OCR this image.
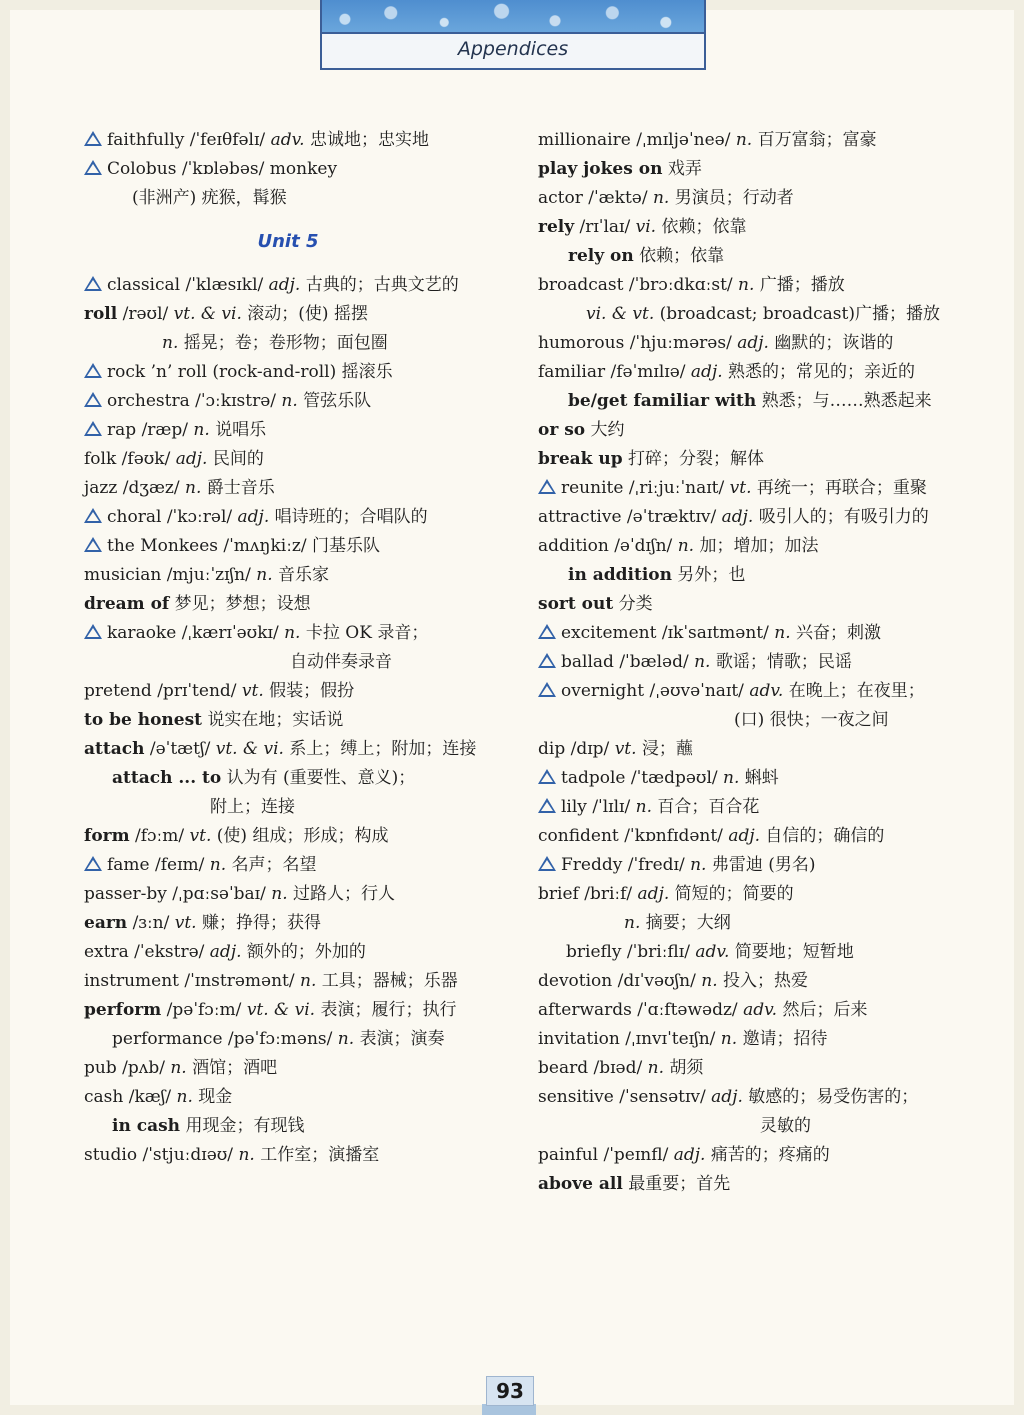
Appendices
faithfully /ˈfeɪθfəlɪ/ adv. 忠诚地；忠实地
Colobus /ˈkɒləbəs/ monkey
(非洲产) 疣猴，髯猴
Unit 5
classical /ˈklæsɪkl/ adj. 古典的；古典文艺的
roll /rəʊl/ vt. & vi. 滚动；(使) 摇摆
n. 摇晃；卷；卷形物；面包圈
rock ’n’ roll (rock-and-roll) 摇滚乐
orchestra /ˈɔːkɪstrə/ n. 管弦乐队
rap /ræp/ n. 说唱乐
folk /fəʊk/ adj. 民间的
jazz /dʒæz/ n. 爵士音乐
choral /ˈkɔːrəl/ adj. 唱诗班的；合唱队的
the Monkees /ˈmʌŋkiːz/ 门基乐队
musician /mjuːˈzɪʃn/ n. 音乐家
dream of 梦见；梦想；设想
karaoke /ˌkærɪˈəʊkɪ/ n. 卡拉 OK 录音；
自动伴奏录音
pretend /prɪˈtend/ vt. 假装；假扮
to be honest 说实在地；实话说
attach /əˈtætʃ/ vt. & vi. 系上；缚上；附加；连接
attach ... to 认为有 (重要性、意义)；
附上；连接
form /fɔːm/ vt. (使) 组成；形成；构成
fame /feɪm/ n. 名声；名望
passer-by /ˌpɑːsəˈbaɪ/ n. 过路人；行人
earn /ɜːn/ vt. 赚；挣得；获得
extra /ˈekstrə/ adj. 额外的；外加的
instrument /ˈɪnstrəmənt/ n. 工具；器械；乐器
perform /pəˈfɔːm/ vt. & vi. 表演；履行；执行
performance /pəˈfɔːməns/ n. 表演；演奏
pub /pʌb/ n. 酒馆；酒吧
cash /kæʃ/ n. 现金
in cash 用现金；有现钱
studio /ˈstjuːdɪəʊ/ n. 工作室；演播室
millionaire /ˌmɪljəˈneə/ n. 百万富翁；富豪
play jokes on 戏弄
actor /ˈæktə/ n. 男演员；行动者
rely /rɪˈlaɪ/ vi. 依赖；依靠
rely on 依赖；依靠
broadcast /ˈbrɔːdkɑːst/ n. 广播；播放
vi. & vt. (broadcast; broadcast)广播；播放
humorous /ˈhjuːmərəs/ adj. 幽默的；诙谐的
familiar /fəˈmɪlɪə/ adj. 熟悉的；常见的；亲近的
be/get familiar with 熟悉；与……熟悉起来
or so 大约
break up 打碎；分裂；解体
reunite /ˌriːjuːˈnaɪt/ vt. 再统一；再联合；重聚
attractive /əˈtræktɪv/ adj. 吸引人的；有吸引力的
addition /əˈdɪʃn/ n. 加；增加；加法
in addition 另外；也
sort out 分类
excitement /ɪkˈsaɪtmənt/ n. 兴奋；刺激
ballad /ˈbæləd/ n. 歌谣；情歌；民谣
overnight /ˌəʊvəˈnaɪt/ adv. 在晚上；在夜里；
(口) 很快；一夜之间
dip /dɪp/ vt. 浸；蘸
tadpole /ˈtædpəʊl/ n. 蝌蚪
lily /ˈlɪlɪ/ n. 百合；百合花
confident /ˈkɒnfɪdənt/ adj. 自信的；确信的
Freddy /ˈfredɪ/ n. 弗雷迪 (男名)
brief /briːf/ adj. 简短的；简要的
n. 摘要；大纲
briefly /ˈbriːflɪ/ adv. 简要地；短暂地
devotion /dɪˈvəʊʃn/ n. 投入；热爱
afterwards /ˈɑːftəwədz/ adv. 然后；后来
invitation /ˌɪnvɪˈteɪʃn/ n. 邀请；招待
beard /bɪəd/ n. 胡须
sensitive /ˈsensətɪv/ adj. 敏感的；易受伤害的；
灵敏的
painful /ˈpeɪnfl/ adj. 痛苦的；疼痛的
above all 最重要；首先
93
